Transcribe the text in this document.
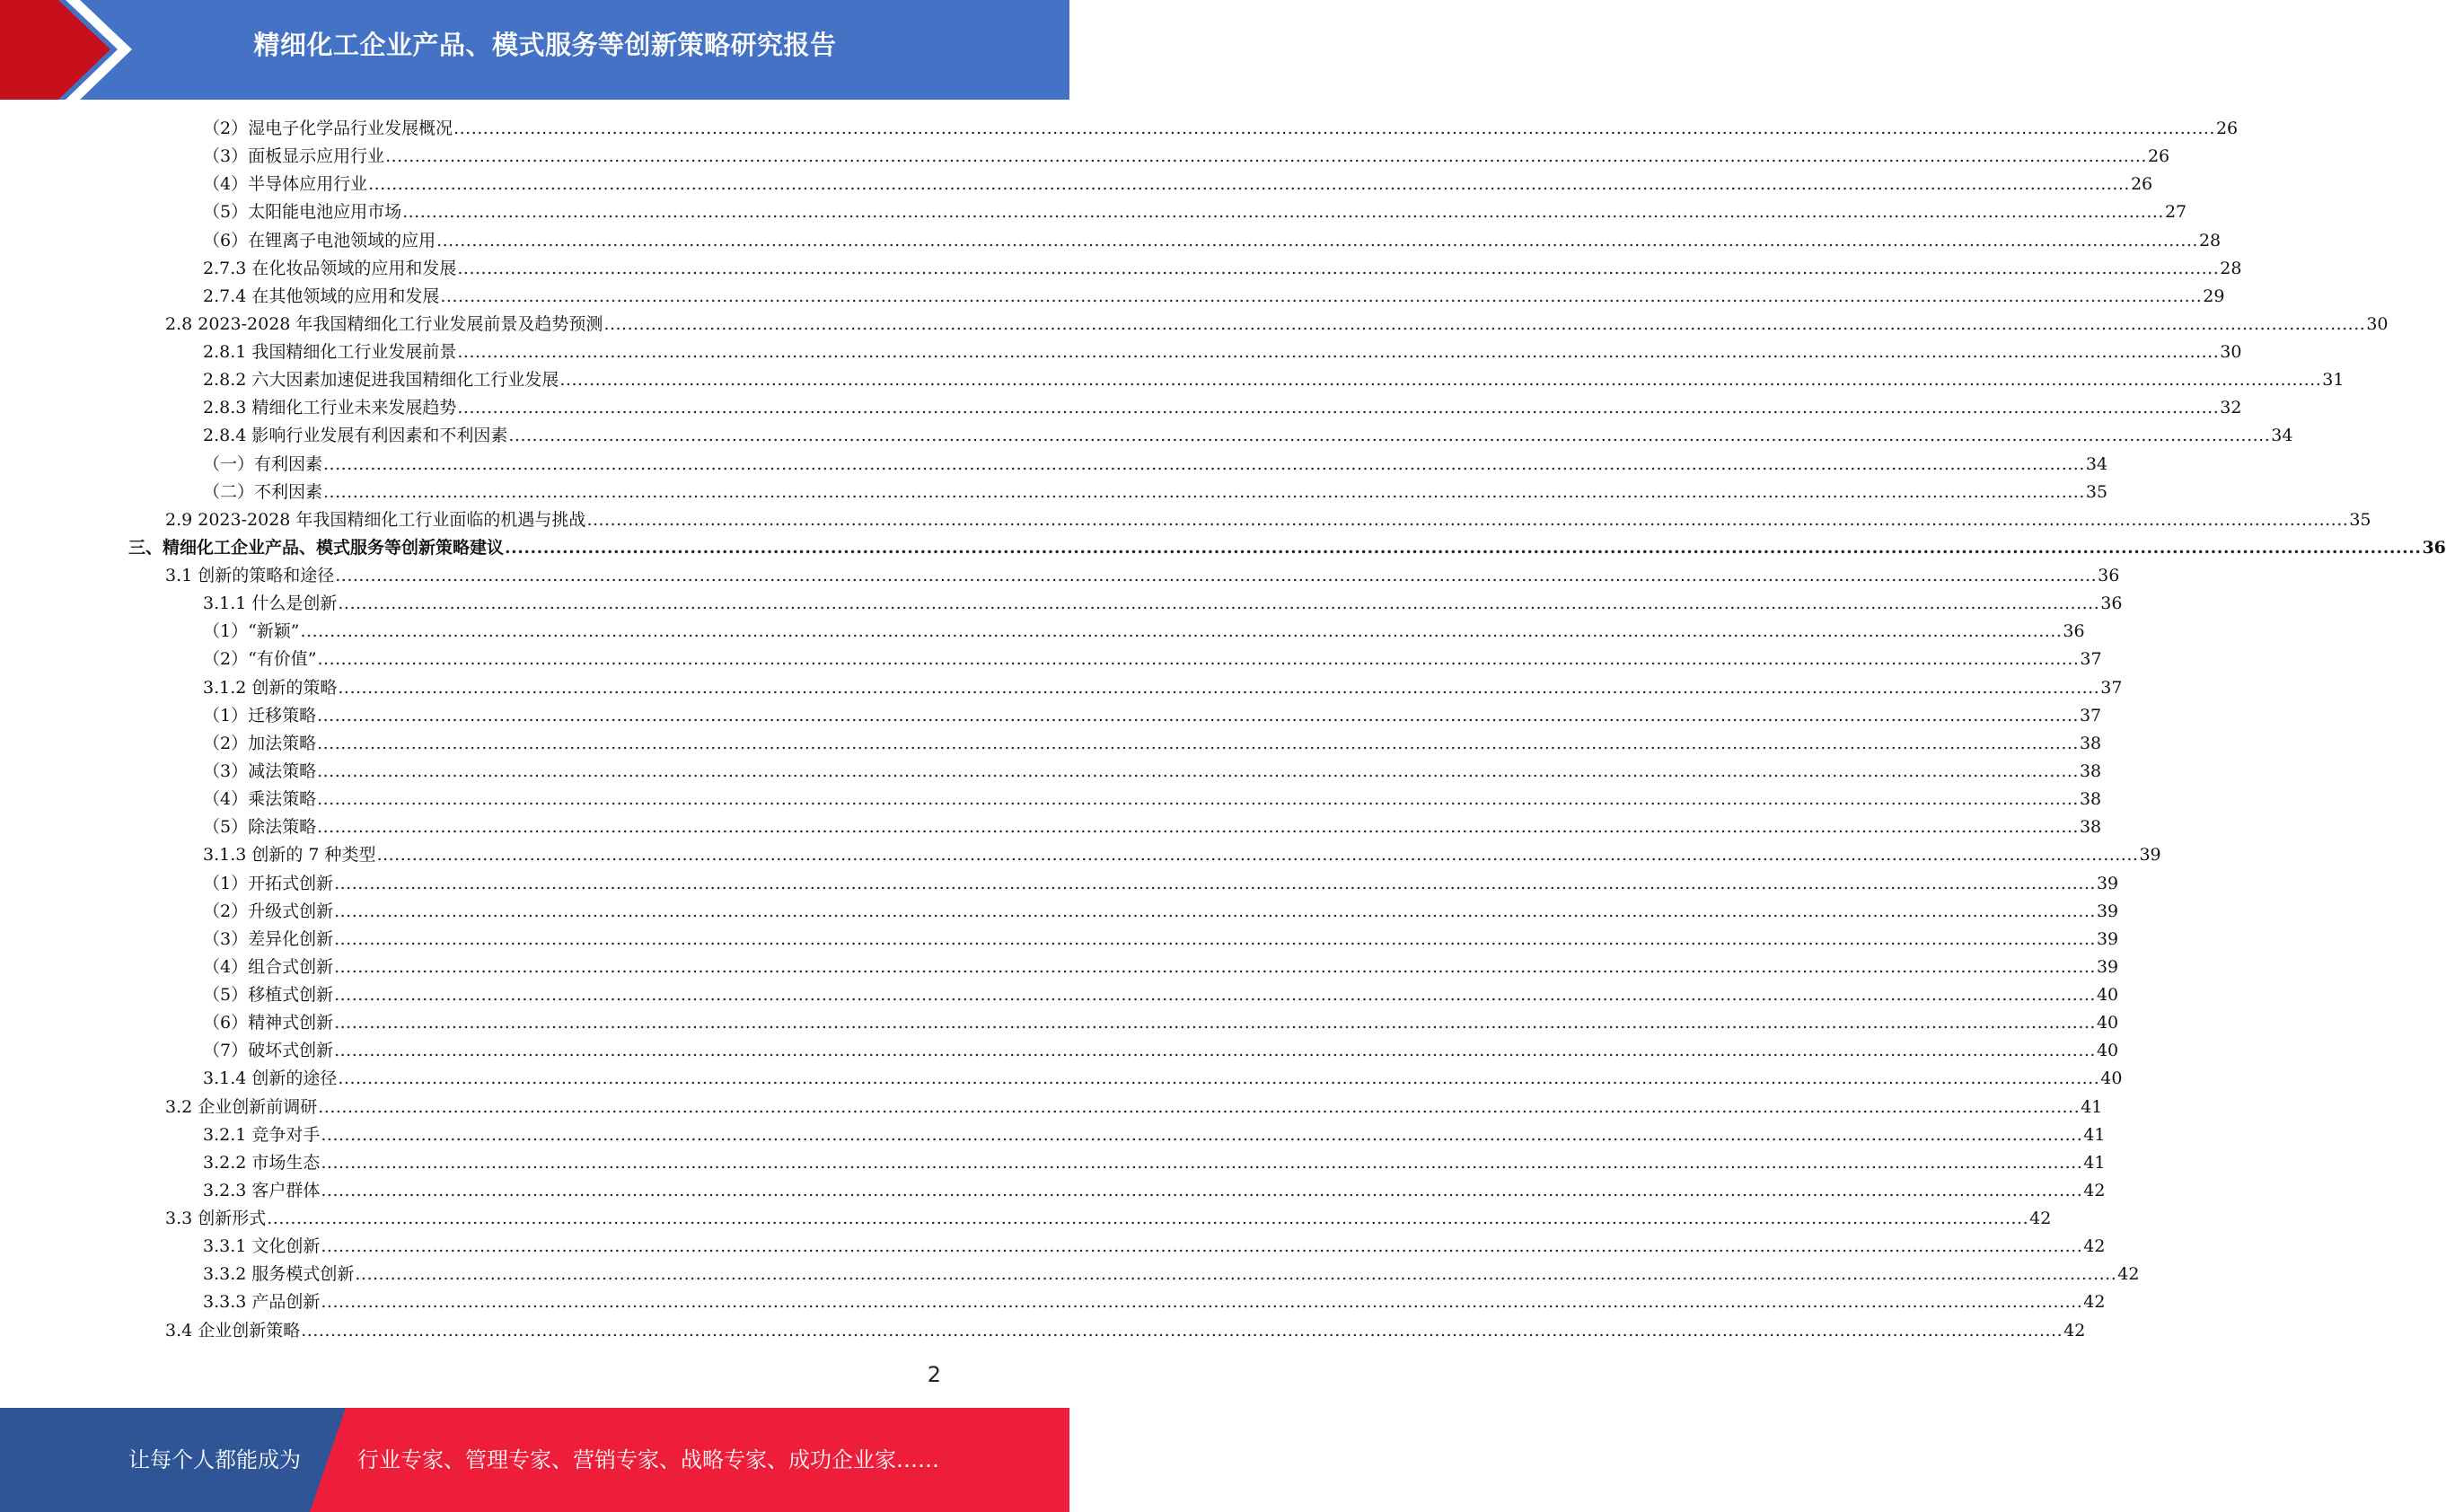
精细化工企业产品、模式服务等创新策略研究报告
（2）湿电子化学品行业发展概况 ............................................................................................................................................................................................................................................................................................................ 26
（3）面板显示应用行业 ............................................................................................................................................................................................................................................................................................................ 26
（4）半导体应用行业 ............................................................................................................................................................................................................................................................................................................ 26
（5）太阳能电池应用市场 ............................................................................................................................................................................................................................................................................................................ 27
（6）在锂离子电池领域的应用 ............................................................................................................................................................................................................................................................................................................ 28
2.7.3 在化妆品领域的应用和发展 ............................................................................................................................................................................................................................................................................................................ 28
2.7.4 在其他领域的应用和发展 ............................................................................................................................................................................................................................................................................................................ 29
2.8 2023-2028 年我国精细化工行业发展前景及趋势预测 ............................................................................................................................................................................................................................................................................................................ 30
2.8.1 我国精细化工行业发展前景 ............................................................................................................................................................................................................................................................................................................ 30
2.8.2 六大因素加速促进我国精细化工行业发展 ............................................................................................................................................................................................................................................................................................................ 31
2.8.3 精细化工行业未来发展趋势 ............................................................................................................................................................................................................................................................................................................ 32
2.8.4 影响行业发展有利因素和不利因素 ............................................................................................................................................................................................................................................................................................................ 34
（一）有利因素 ............................................................................................................................................................................................................................................................................................................ 34
（二）不利因素 ............................................................................................................................................................................................................................................................................................................ 35
2.9 2023-2028 年我国精细化工行业面临的机遇与挑战 ............................................................................................................................................................................................................................................................................................................ 35
三、精细化工企业产品、模式服务等创新策略建议 ............................................................................................................................................................................................................................................................................................................ 36
3.1 创新的策略和途径 ............................................................................................................................................................................................................................................................................................................ 36
3.1.1 什么是创新 ............................................................................................................................................................................................................................................................................................................ 36
（1）“新颖” ............................................................................................................................................................................................................................................................................................................ 36
（2）“有价值” ............................................................................................................................................................................................................................................................................................................ 37
3.1.2 创新的策略 ............................................................................................................................................................................................................................................................................................................ 37
（1）迁移策略 ............................................................................................................................................................................................................................................................................................................ 37
（2）加法策略 ............................................................................................................................................................................................................................................................................................................ 38
（3）减法策略 ............................................................................................................................................................................................................................................................................................................ 38
（4）乘法策略 ............................................................................................................................................................................................................................................................................................................ 38
（5）除法策略 ............................................................................................................................................................................................................................................................................................................ 38
3.1.3 创新的 7 种类型 ............................................................................................................................................................................................................................................................................................................ 39
（1）开拓式创新 ............................................................................................................................................................................................................................................................................................................ 39
（2）升级式创新 ............................................................................................................................................................................................................................................................................................................ 39
（3）差异化创新 ............................................................................................................................................................................................................................................................................................................ 39
（4）组合式创新 ............................................................................................................................................................................................................................................................................................................ 39
（5）移植式创新 ............................................................................................................................................................................................................................................................................................................ 40
（6）精神式创新 ............................................................................................................................................................................................................................................................................................................ 40
（7）破坏式创新 ............................................................................................................................................................................................................................................................................................................ 40
3.1.4 创新的途径 ............................................................................................................................................................................................................................................................................................................ 40
3.2 企业创新前调研 ............................................................................................................................................................................................................................................................................................................ 41
3.2.1 竞争对手 ............................................................................................................................................................................................................................................................................................................ 41
3.2.2 市场生态 ............................................................................................................................................................................................................................................................................................................ 41
3.2.3 客户群体 ............................................................................................................................................................................................................................................................................................................ 42
3.3 创新形式 ............................................................................................................................................................................................................................................................................................................ 42
3.3.1 文化创新 ............................................................................................................................................................................................................................................................................................................ 42
3.3.2 服务模式创新 ............................................................................................................................................................................................................................................................................................................ 42
3.3.3 产品创新 ............................................................................................................................................................................................................................................................................................................ 42
3.4 企业创新策略 ............................................................................................................................................................................................................................................................................................................ 42
2
让每个人都能成为	行业专家、管理专家、营销专家、战略专家、成功企业家……
